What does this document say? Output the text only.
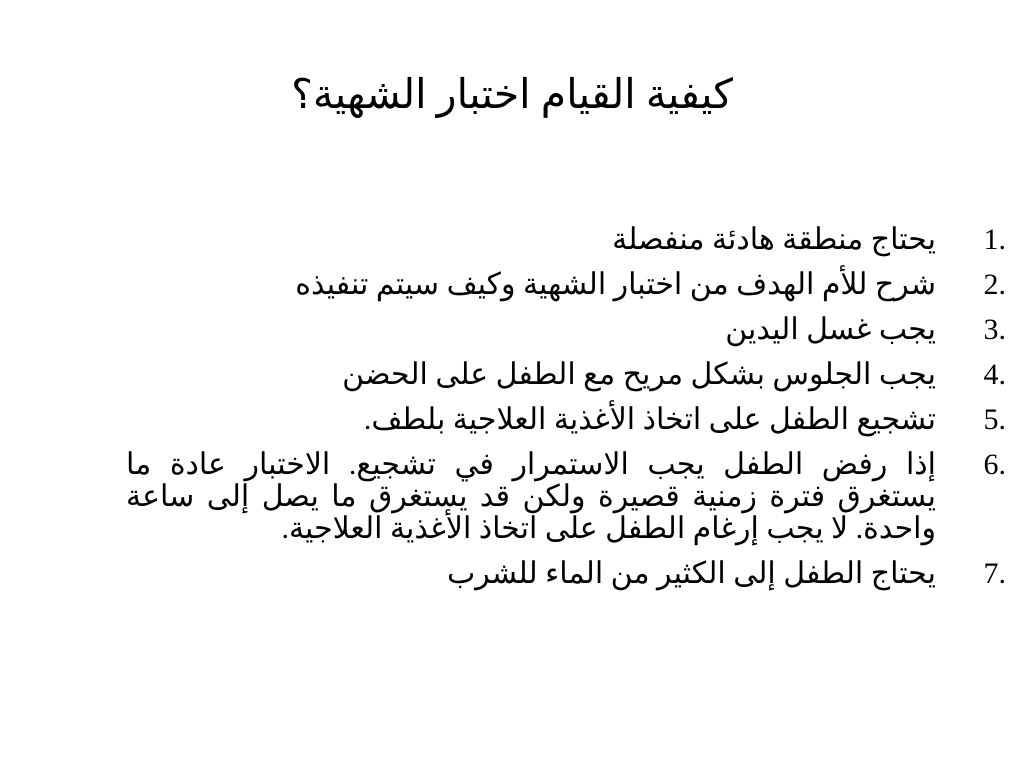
كيفية القيام اختبار الشهية؟
1.
يحتاج منطقة هادئة منفصلة
2.
شرح للأم الهدف من اختبار الشهية وكيف سيتم تنفيذه
3.
يجب غسل اليدين
4.
يجب الجلوس بشكل مريح مع الطفل على الحضن
5.
تشجيع الطفل على اتخاذ الأغذية العلاجية بلطف.
6.
إذا رفض الطفل يجب الاستمرار في تشجيع. الاختبار عادة ما يستغرق فترة زمنية قصيرة ولكن قد يستغرق ما يصل إلى ساعة واحدة. لا يجب إرغام الطفل على اتخاذ الأغذية العلاجية.
7.
يحتاج الطفل إلى الكثير من الماء للشرب
